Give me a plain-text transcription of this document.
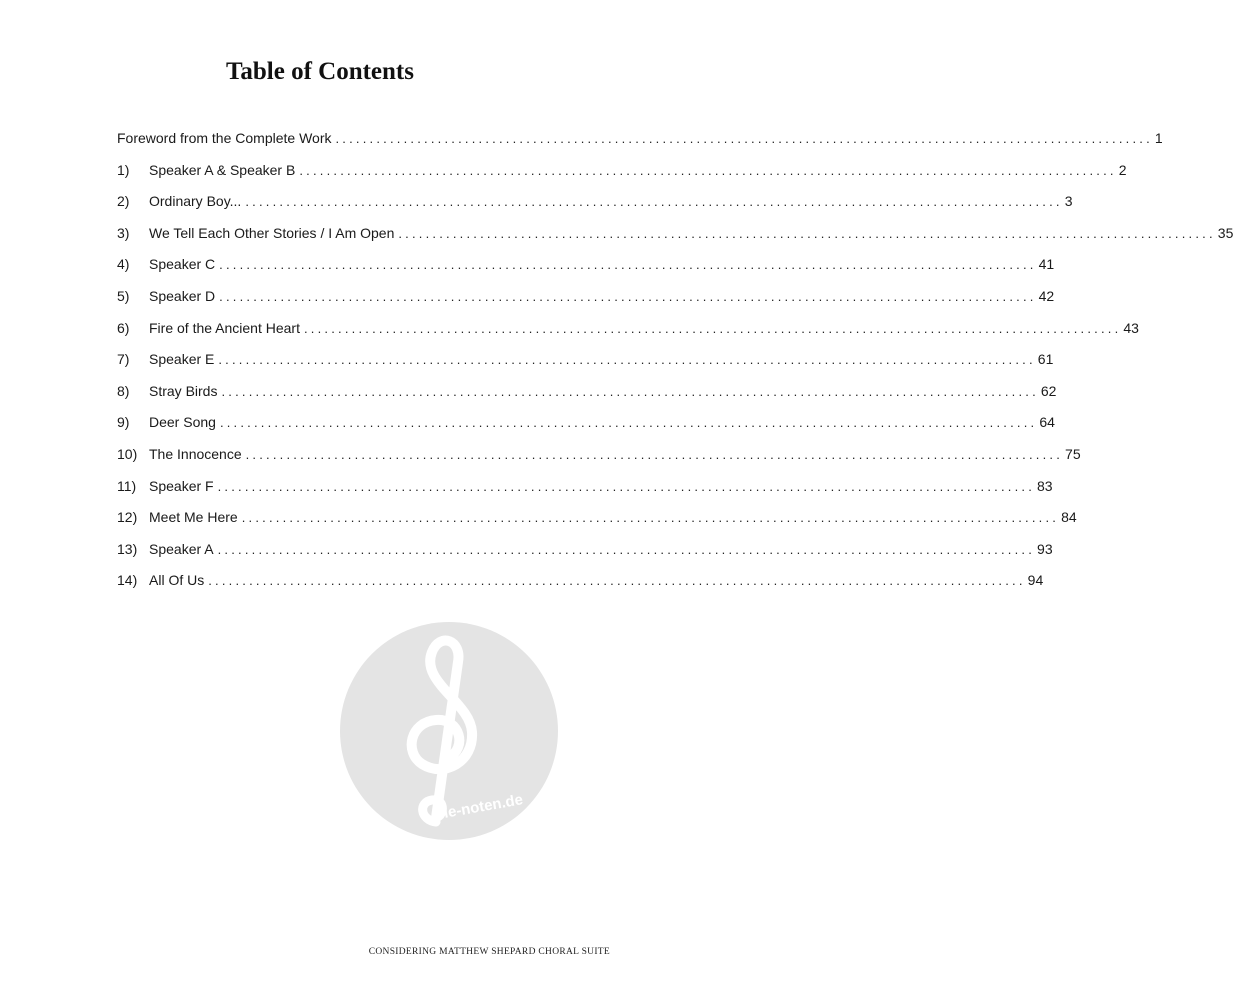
Table of Contents
Foreword from the Complete Work ........................................................................................................................ 1
1)	Speaker A & Speaker B ........................................................................................................................ 2
2)	Ordinary Boy... ........................................................................................................................ 3
3)	We Tell Each Other Stories / I Am Open ........................................................................................................................ 35
4)	Speaker C ........................................................................................................................ 41
5)	Speaker D ........................................................................................................................ 42
6)	Fire of the Ancient Heart ........................................................................................................................ 43
7)	Speaker E ........................................................................................................................ 61
8)	Stray Birds ........................................................................................................................ 62
9)	Deer Song ........................................................................................................................ 64
10) The Innocence ........................................................................................................................ 75
11) Speaker F ........................................................................................................................ 83
12) Meet Me Here ........................................................................................................................ 84
13) Speaker A ........................................................................................................................ 93
14) All Of Us ........................................................................................................................ 94
alle-noten.de
CONSIDERING MATTHEW SHEPARD CHORAL SUITE
